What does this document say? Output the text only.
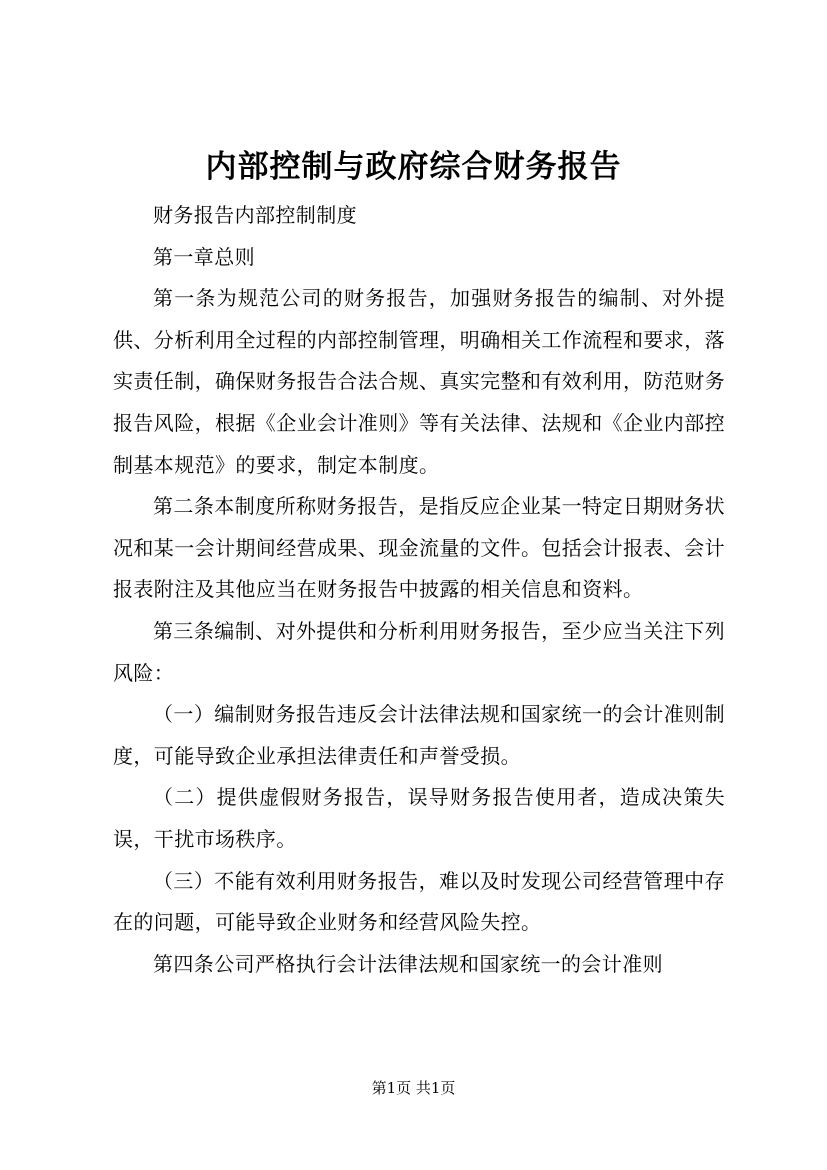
内部控制与政府综合财务报告

财务报告内部控制制度

第一章总则

第一条为规范公司的财务报告，加强财务报告的编制、对外提供、分析利用全过程的内部控制管理，明确相关工作流程和要求，落实责任制，确保财务报告合法合规、真实完整和有效利用，防范财务报告风险，根据《企业会计准则》等有关法律、法规和《企业内部控制基本规范》的要求，制定本制度。

第二条本制度所称财务报告，是指反应企业某一特定日期财务状况和某一会计期间经营成果、现金流量的文件。包括会计报表、会计报表附注及其他应当在财务报告中披露的相关信息和资料。

第三条编制、对外提供和分析利用财务报告，至少应当关注下列风险：

（一）编制财务报告违反会计法律法规和国家统一的会计准则制度，可能导致企业承担法律责任和声誉受损。

（二）提供虚假财务报告，误导财务报告使用者，造成决策失误，干扰市场秩序。

（三）不能有效利用财务报告，难以及时发现公司经营管理中存在的问题，可能导致企业财务和经营风险失控。

第四条公司严格执行会计法律法规和国家统一的会计准则

第1页 共1页
